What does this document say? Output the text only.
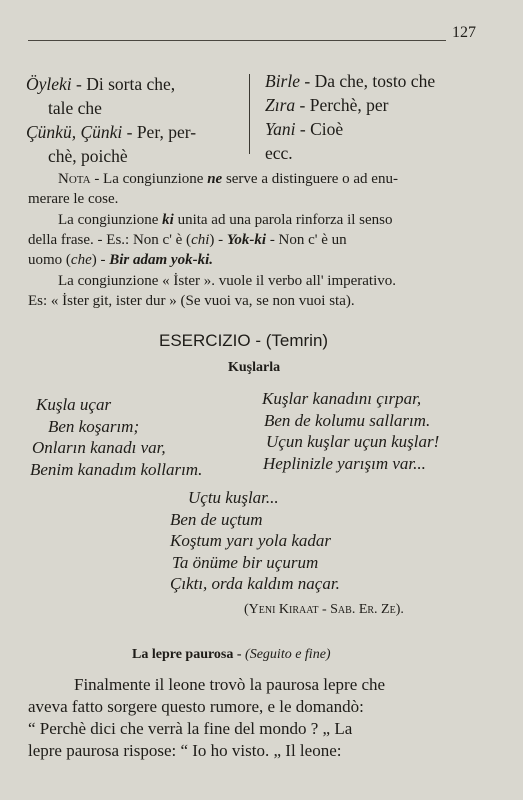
127
Öyleki - Di sorta che,
tale che
Çünkü, Çünki - Per, per-
chè, poichè
Birle - Da che, tosto che
Zıra - Perchè, per
Yani - Cioè
ecc.
Nota - La congiunzione ne serve a distinguere o ad enu-
merare le cose.
La congiunzione ki unita ad una parola rinforza il senso
della frase. - Es.: Non c' è (chi) - Yok-ki - Non c' è un
uomo (che) - Bir adam yok-ki.
La congiunzione « İster ». vuole il verbo all' imperativo.
Es: « İster git, ister dur » (Se vuoi va, se non vuoi sta).
ESERCIZIO - (Temrin)
Kuşlarla
Kuşla uçar
Ben koşarım;
Onların kanadı var,
Benim kanadım kollarım.
Kuşlar kanadını çırpar,
Ben de kolumu sallarım.
Uçun kuşlar uçun kuşlar!
Heplinizle yarışım var...
Uçtu kuşlar...
Ben de uçtum
Koştum yarı yola kadar
Ta önüme bir uçurum
Çıktı, orda kaldım naçar.
(Yeni Kiraat - Sab. Er. Ze).
La lepre paurosa - (Seguito e fine)
Finalmente il leone trovò la paurosa lepre che
aveva fatto sorgere questo rumore, e le domandò:
“ Perchè dici che verrà la fine del mondo ? „ La
lepre paurosa rispose: “ Io ho visto. „ Il leone:
